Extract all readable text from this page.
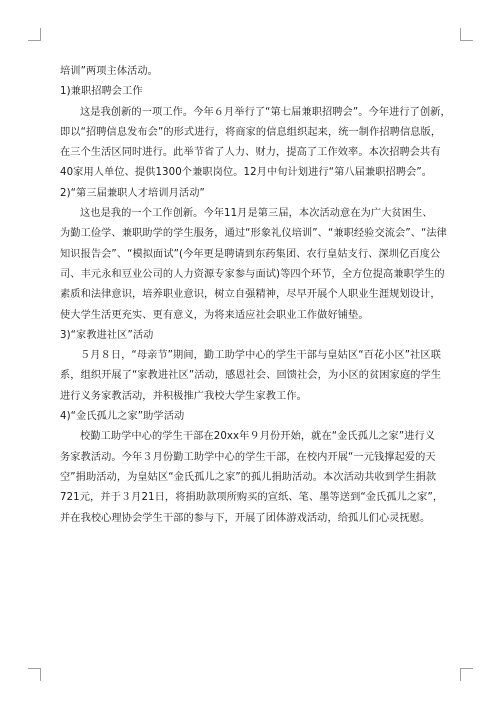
培训”两项主体活动。

1)兼职招聘会工作

这是我创新的一项工作。今年６月举行了“第七届兼职招聘会”。今年进行了创新，

即以“招聘信息发布会”的形式进行，将商家的信息组织起来，统一制作招聘信息版，

在三个生活区同时进行。此举节省了人力、财力，提高了工作效率。本次招聘会共有

40家用人单位、提供1300个兼职岗位。12月中旬计划进行“第八届兼职招聘会”。

2)“第三届兼职人才培训月活动”

这也是我的一个工作创新。今年11月是第三届，本次活动意在为广大贫困生、

为勤工俭学、兼职助学的学生服务，通过“形象礼仪培训”、“兼职经验交流会”、“法律

知识报告会”、“模拟面试”(今年更是聘请到东药集团、农行皇姑支行、深圳亿百度公

司、丰元永和豆业公司的人力资源专家参与面试)等四个环节，全方位提高兼职学生的

素质和法律意识，培养职业意识，树立自强精神，尽早开展个人职业生涯规划设计，

使大学生活更充实、更有意义，为将来适应社会职业工作做好铺垫。

3)“家教进社区”活动

５月８日，“母亲节”期间，勤工助学中心的学生干部与皇姑区“百花小区”社区联

系，组织开展了“家教进社区”活动，感恩社会、回馈社会，为小区的贫困家庭的学生

进行义务家教活动，并积极推广我校大学生家教工作。

4)“金氏孤儿之家”助学活动

校勤工助学中心的学生干部在20xx年９月份开始，就在“金氏孤儿之家”进行义

务家教活动。今年３月份勤工助学中心的学生干部，在校内开展“一元钱撑起爱的天

空”捐助活动，为皇姑区“金氏孤儿之家”的孤儿捐助活动。本次活动共收到学生捐款

721元，并于３月21日，将捐助款项所购买的宣纸、笔、墨等送到“金氏孤儿之家”，

并在我校心理协会学生干部的参与下，开展了团体游戏活动，给孤儿们心灵抚慰。
